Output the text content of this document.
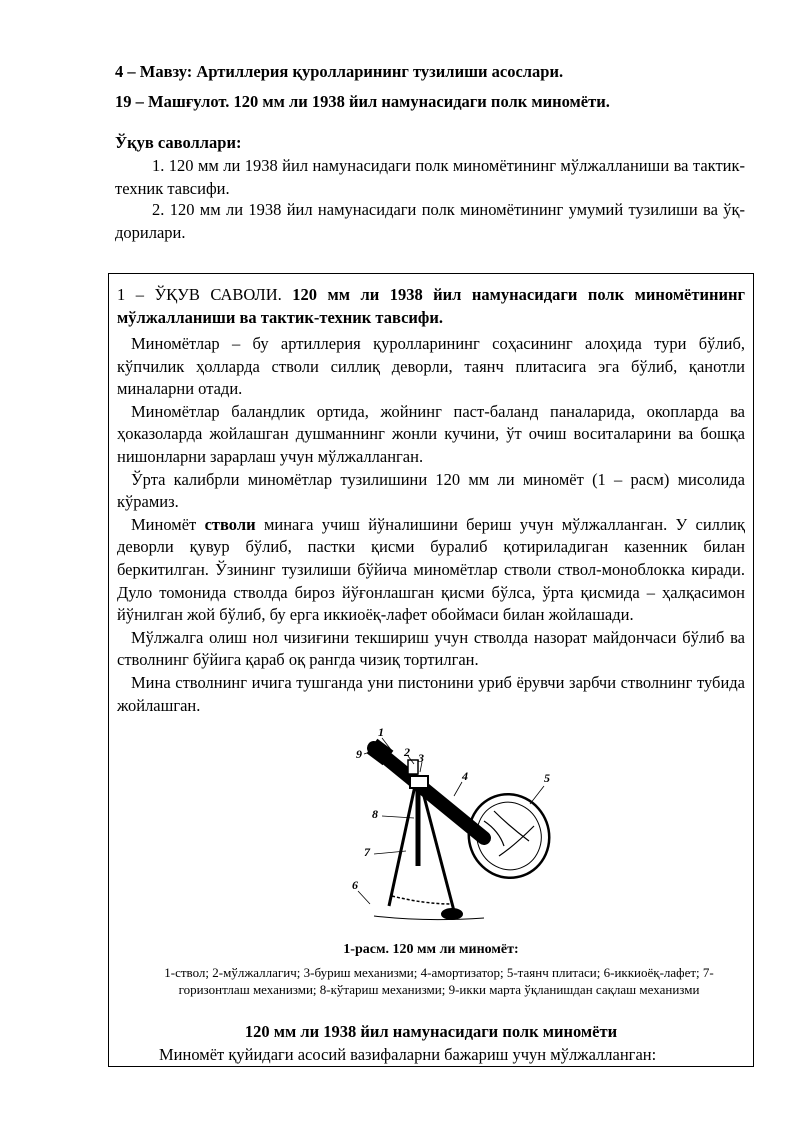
4 – Мавзу: Артиллерия қуролларининг тузилиши асослари.
19 – Машғулот. 120 мм ли 1938 йил намунасидаги полк миномёти.
Ўқув саволлари:
1. 120 мм ли 1938 йил намунасидаги полк миномётининг мўлжалланиши ва тактик-техник тавсифи.
2. 120 мм ли 1938 йил намунасидаги полк миномётининг умумий тузилиши ва ўқ-дорилари.
1 – ЎҚУВ САВОЛИ. 120 мм ли 1938 йил намунасидаги полк миномётининг мўлжалланиши ва тактик-техник тавсифи.

Миномётлар – бу артиллерия қуролларининг соҳасининг алоҳида тури бўлиб, кўпчилик ҳолларда стволи силлиқ деворли, таянч плитасига эга бўлиб, қанотли миналарни отади.

Миномётлар баландлик ортида, жойнинг паст-баланд паналарида, окопларда ва ҳоказоларда жойлашган душманнинг жонли кучини, ўт очиш воситаларини ва бошқа нишонларни зарарлаш учун мўлжалланган.

Ўрта калибрли миномётлар тузилишини 120 мм ли миномёт (1 – расм) мисолида кўрамиз.

Миномёт стволи минага учиш йўналишини бериш учун мўлжалланган. У силлиқ деворли қувур бўлиб, пастки қисми буралиб қотириладиган казенник билан беркитилган. Ўзининг тузилиши бўйича миномётлар стволи ствол-моноблокка киради. Дуло томонида стволда бироз йўғонлашган қисми бўлса, ўрта қисмида – ҳалқасимон йўнилган жой бўлиб, бу ерга иккиоёқ-лафет обоймаси билан жойлашади.

Мўлжалга олиш нол чизиғини текшириш учун стволда назорат майдончаси бўлиб ва стволнинг бўйига қараб оқ рангда чизиқ тортилган.

Мина стволнинг ичига тушганда уни пистонини уриб ёрувчи зарбчи стволнинг тубида жойлашган.

1
2 3
4	5
6
7
8
9
1-расм. 120 мм ли миномёт:
1-ствол; 2-мўлжаллагич; 3-буриш механизми; 4-амортизатор; 5-таянч плитаси; 6-иккиоёқ-лафет; 7-горизонтлаш механизми; 8-кўтариш механизми; 9-икки марта ўқланишдан сақлаш механизми
120 мм ли 1938 йил намунасидаги полк миномёти
Миномёт қуйидаги асосий вазифаларни бажариш учун мўлжалланган:
